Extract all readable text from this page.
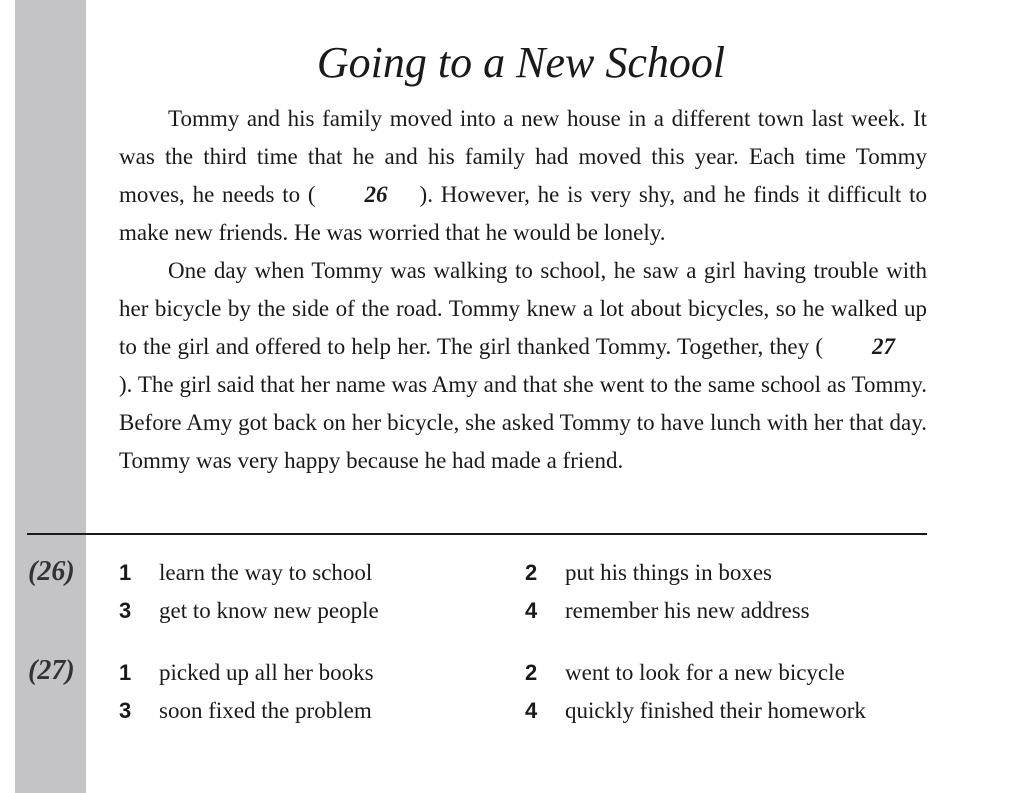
Going to a New School

Tommy and his family moved into a new house in a different town last week. It was the third time that he and his family had moved this year. Each time Tommy moves, he needs to ( 26 ). However, he is very shy, and he finds it difficult to make new friends. He was worried that he would be lonely.

One day when Tommy was walking to school, he saw a girl having trouble with her bicycle by the side of the road. Tommy knew a lot about bicycles, so he walked up to the girl and offered to help her. The girl thanked Tommy. Together, they ( 27). The girl said that her name was Amy and that she went to the same school as Tommy. Before Amy got back on her bicycle, she asked Tommy to have lunch with her that day. Tommy was very happy because he had made a friend.

(26) 1 learn the way to school	2 put his things in boxes
3 get to know new people	4 remember his new address
(27) 1 picked up all her books	2 went to look for a new bicycle
3 soon fixed the problem	4 quickly finished their homework
